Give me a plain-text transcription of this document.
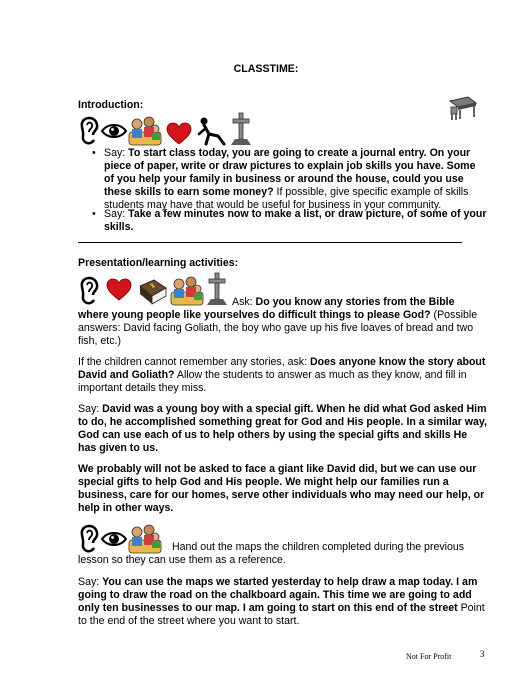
CLASSTIME:
Introduction:
• Say: To start class today, you are going to create a journal entry. On your piece of paper, write or draw pictures to explain job skills you have. Some of you help your family in business or around the house, could you use these skills to earn some money? If possible, give specific example of skills students may have that would be useful for business in your community.
• Say: Take a few minutes now to make a list, or draw picture, of some of your skills.
Presentation/learning activities:
Ask: Do you know any stories from the Bible where young people like yourselves do difficult things to please God? (Possible answers: David facing Goliath, the boy who gave up his five loaves of bread and two fish, etc.)
If the children cannot remember any stories, ask: Does anyone know the story about David and Goliath? Allow the students to answer as much as they know, and fill in important details they miss.
Say: David was a young boy with a special gift. When he did what God asked Him to do, he accomplished something great for God and His people. In a similar way, God can use each of us to help others by using the special gifts and skills He has given to us.
We probably will not be asked to face a giant like David did, but we can use our special gifts to help God and His people. We might help our families run a business, care for our homes, serve other individuals who may need our help, or help in other ways.
Hand out the maps the children completed during the previous lesson so they can use them as a reference.
Say: You can use the maps we started yesterday to help draw a map today. I am going to draw the road on the chalkboard again. This time we are going to add only ten businesses to our map. I am going to start on this end of the street Point to the end of the street where you want to start.
Not For Profit	3
